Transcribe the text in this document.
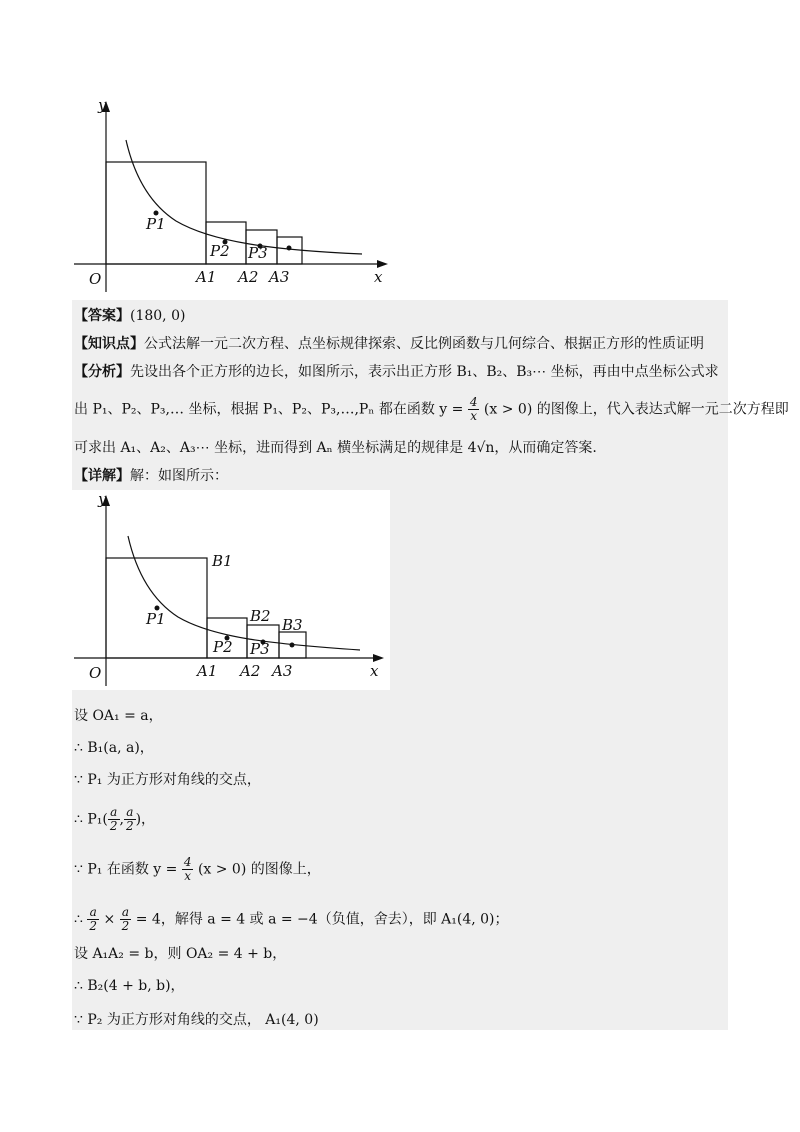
y
x
O
P1
P2 P3
A1 A2 A3
【答案】(180, 0)
【知识点】公式法解一元二次方程、点坐标规律探索、反比例函数与几何综合、根据正方形的性质证明
【分析】先设出各个正方形的边长，如图所示，表示出正方形 B₁、B₂、B₃⋯ 坐标，再由中点坐标公式求
出 P₁、P₂、P₃,… 坐标，根据 P₁、P₂、P₃,…,Pₙ 都在函数 $y = \frac{4}{x} (x > 0)$ 的图像上，代入表达式解一元二次方程即
可求出 A₁、A₂、A₃⋯ 坐标，进而得到 Aₙ 横坐标满足的规律是 4√n，从而确定答案.
【详解】解：如图所示：
y
x
O
B1
B2 B3
P1
P2 P3
A1 A2 A3
设 OA₁ = a，
∴ B₁(a, a)，
∵ P₁ 为正方形对角线的交点，
∴ $P_1( \frac{a}{2}$ , $\frac{a}{2}$ )，
∵ P₁ 在函数 $y = \frac{4}{x} (x > 0)$ 的图像上，
∴ $\frac{a}{2} \times \frac{a}{2} = 4$，解得 a = 4 或 a = −4（负值，舍去），即 A₁(4, 0)；
设 A₁A₂ = b，则 OA₂ = 4 + b，
∴ B₂(4 + b, b)，
∵ P₂ 为正方形对角线的交点， A₁(4, 0)
